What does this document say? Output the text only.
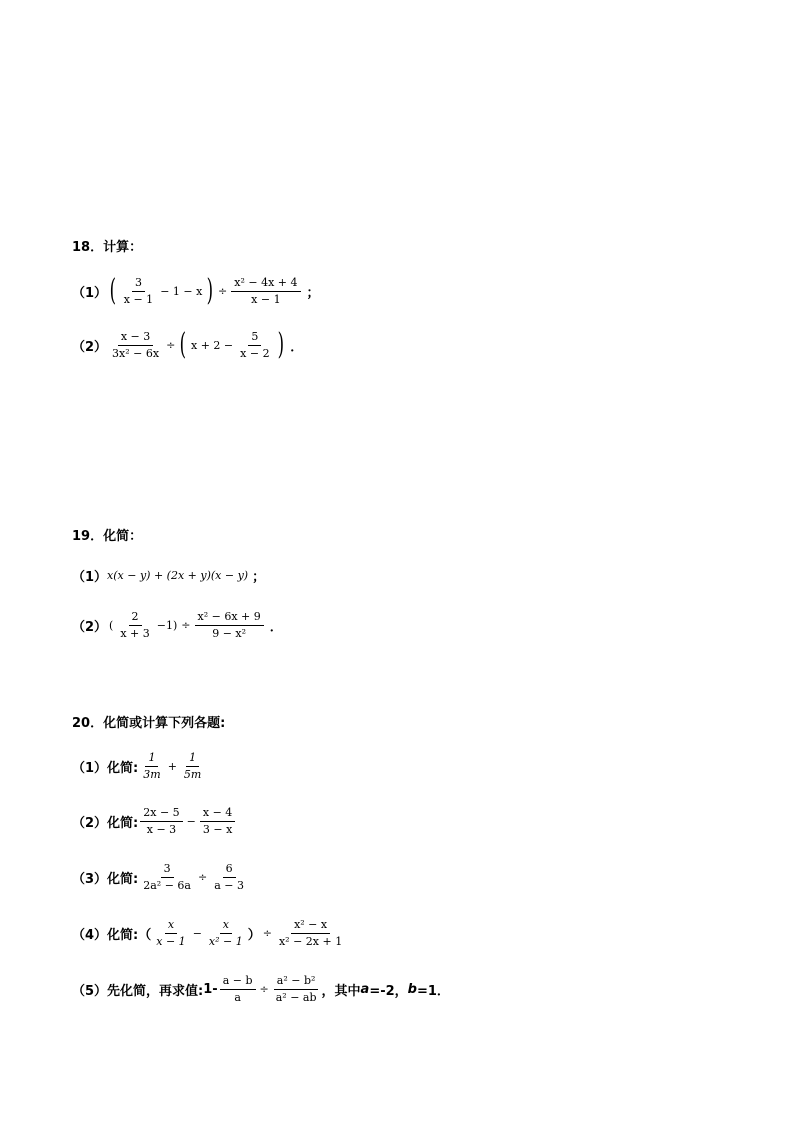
18．计算：
（1） ( $\frac{3}{x - 1} - 1 - x$ ) ÷ $\frac{\text{x² − 4x + 4}}{x - 1}$ ；
$(2) \frac{x - 3}{\text{3x² − 6x}}$ ÷ ( $x + 2 - \frac{5}{x - 2}$ ) ．
19．化简：
（1） x(x − y) + (2x + y)(x − y) ；
（2） ( $\frac{2}{x + 3} -1) \div \frac{\text{x² − 6x + 9}}{\text{9 − x²}}$ ．
20．化简或计算下列各题:
（1）化简: $\frac{1}{3m} + \frac{1}{5m}$
（2）化简: $\frac{2x - 5}{x - 3} - \frac{x - 4}{3 - x}$
（3）化简: $\frac{3}{\text{2a² − 6a}} \div \frac{6}{a - 3}$
（4）化简: （ $\frac{x}{x - 1} - \frac{x}{\text{x² − 1}}$ ） ÷ $\frac{\text{x² − x}}{\text{x² − 2x + 1}}$
（5）先化简，再求值: $1- \frac{a - b}{a} \div \frac{\text{a² − b²}}{\text{a² − ab}}$ ，其中 a =-2， b =1．
